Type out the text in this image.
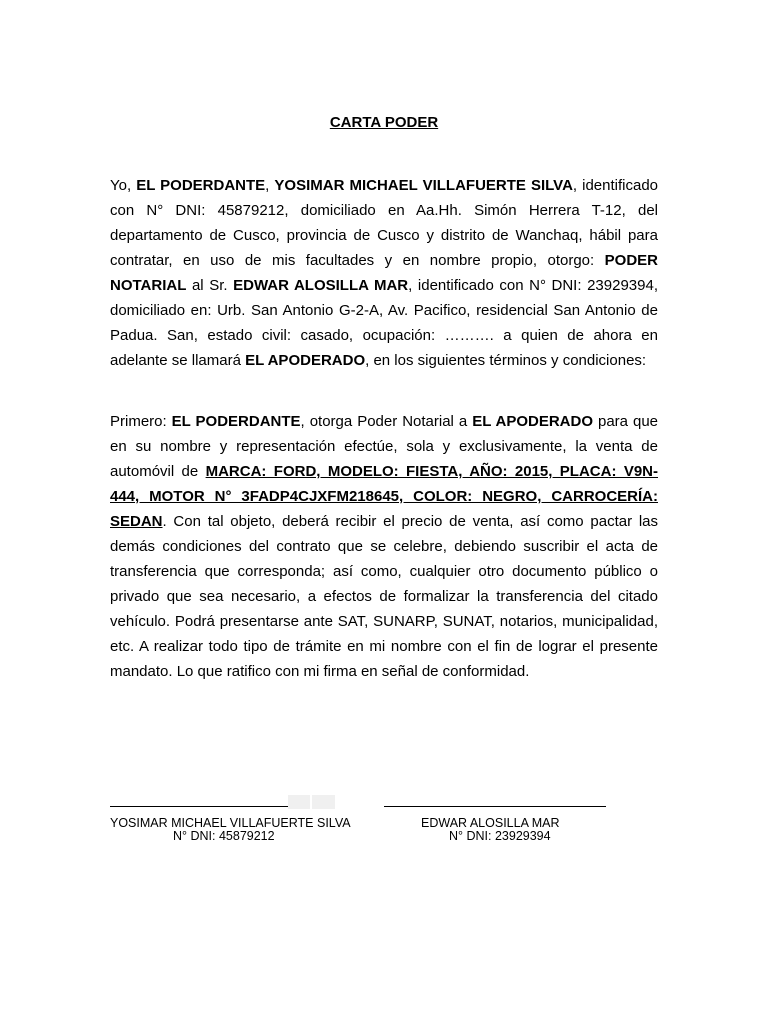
CARTA PODER

Yo, EL PODERDANTE, YOSIMAR MICHAEL VILLAFUERTE SILVA, identificado con N° DNI: 45879212, domiciliado en Aa.Hh. Simón Herrera T-12, del departamento de Cusco, provincia de Cusco y distrito de Wanchaq, hábil para contratar, en uso de mis facultades y en nombre propio, otorgo: PODER NOTARIAL al Sr. EDWAR ALOSILLA MAR, identificado con N° DNI: 23929394, domiciliado en: Urb. San Antonio G-2-A, Av. Pacifico, residencial San Antonio de Padua. San, estado civil: casado, ocupación: ………. a quien de ahora en adelante se llamará EL APODERADO, en los siguientes términos y condiciones:

Primero: EL PODERDANTE, otorga Poder Notarial a EL APODERADO para que en su nombre y representación efectúe, sola y exclusivamente, la venta de automóvil de MARCA: FORD, MODELO: FIESTA, AÑO: 2015, PLACA: V9N-444, MOTOR N° 3FADP4CJXFM218645, COLOR: NEGRO, CARROCERÍA: SEDAN. Con tal objeto, deberá recibir el precio de venta, así como pactar las demás condiciones del contrato que se celebre, debiendo suscribir el acta de transferencia que corresponda; así como, cualquier otro documento público o privado que sea necesario, a efectos de formalizar la transferencia del citado vehículo. Podrá presentarse ante SAT, SUNARP, SUNAT, notarios, municipalidad, etc. A realizar todo tipo de trámite en mi nombre con el fin de lograr el presente mandato. Lo que ratifico con mi firma en señal de conformidad.

YOSIMAR MICHAEL VILLAFUERTE SILVA
N° DNI: 45879212
EDWAR ALOSILLA MAR
N° DNI: 23929394
